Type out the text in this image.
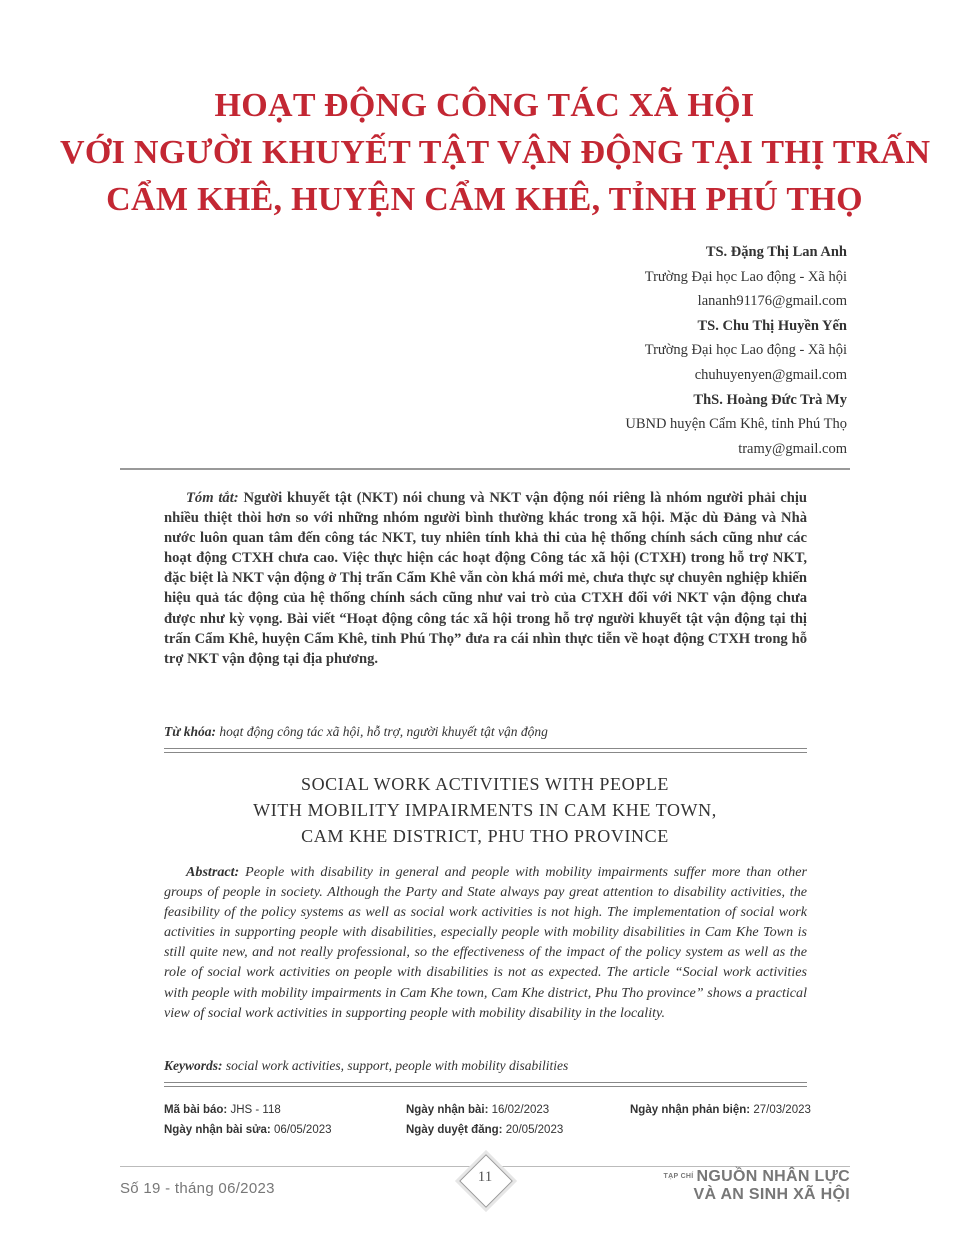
HOẠT ĐỘNG CÔNG TÁC XÃ HỘI
VỚI NGƯỜI KHUYẾT TẬT VẬN ĐỘNG TẠI THỊ TRẤN
CẨM KHÊ, HUYỆN CẨM KHÊ, TỈNH PHÚ THỌ
TS. Đặng Thị Lan Anh
Trường Đại học Lao động - Xã hội
lananh91176@gmail.com
TS. Chu Thị Huyền Yến
Trường Đại học Lao động - Xã hội
chuhuyenyen@gmail.com
ThS. Hoàng Đức Trà My
UBND huyện Cẩm Khê, tỉnh Phú Thọ
tramy@gmail.com
Tóm tắt: Người khuyết tật (NKT) nói chung và NKT vận động nói riêng là nhóm người phải chịu nhiều thiệt thòi hơn so với những nhóm người bình thường khác trong xã hội. Mặc dù Đảng và Nhà nước luôn quan tâm đến công tác NKT, tuy nhiên tính khả thi của hệ thống chính sách cũng như các hoạt động CTXH chưa cao. Việc thực hiện các hoạt động Công tác xã hội (CTXH) trong hỗ trợ NKT, đặc biệt là NKT vận động ở Thị trấn Cẩm Khê vẫn còn khá mới mẻ, chưa thực sự chuyên nghiệp khiến hiệu quả tác động của hệ thống chính sách cũng như vai trò của CTXH đối với NKT vận động chưa được như kỳ vọng. Bài viết “Hoạt động công tác xã hội trong hỗ trợ người khuyết tật vận động tại thị trấn Cẩm Khê, huyện Cẩm Khê, tỉnh Phú Thọ” đưa ra cái nhìn thực tiễn về hoạt động CTXH trong hỗ trợ NKT vận động tại địa phương.
Từ khóa: hoạt động công tác xã hội, hỗ trợ, người khuyết tật vận động
SOCIAL WORK ACTIVITIES WITH PEOPLE
WITH MOBILITY IMPAIRMENTS IN CAM KHE TOWN,
CAM KHE DISTRICT, PHU THO PROVINCE
Abstract: People with disability in general and people with mobility impairments suffer more than other groups of people in society. Although the Party and State always pay great attention to disability activities, the feasibility of the policy systems as well as social work activities is not high. The implementation of social work activities in supporting people with disabilities, especially people with mobility disabilities in Cam Khe Town is still quite new, and not really professional, so the effectiveness of the impact of the policy system as well as the role of social work activities on people with disabilities is not as expected. The article “Social work activities with people with mobility impairments in Cam Khe town, Cam Khe district, Phu Tho province” shows a practical view of social work activities in supporting people with mobility disability in the locality.
Keywords: social work activities, support, people with mobility disabilities
Mã bài báo: JHS - 118	Ngày nhận bài: 16/02/2023	Ngày nhận phản biện: 27/03/2023
Ngày nhận bài sửa: 06/05/2023	Ngày duyệt đăng: 20/05/2023
Số 19 - tháng 06/2023
11	$^{TẠP CHÍ}$ NGUỒN NHÂN LỰC
VÀ AN SINH XÃ HỘI
